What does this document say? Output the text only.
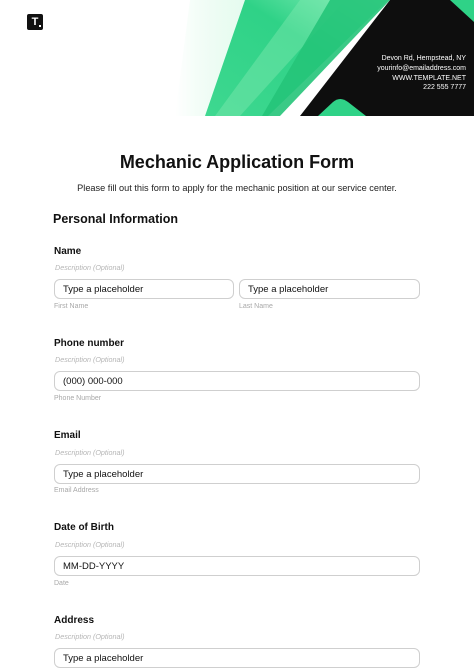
T
Devon Rd, Hempstead, NY
yourinfo@emailaddress.com
WWW.TEMPLATE.NET
222 555 7777
Mechanic Application Form
Please fill out this form to apply for the mechanic position at our service center.
Personal Information
Name
Description (Optional)
Type a placeholder
First Name
Type a placeholder
Last Name
Phone number
Description (Optional)
(000) 000-000
Phone Number
Email
Description (Optional)
Type a placeholder
Email Address
Date of Birth
Description (Optional)
MM-DD-YYYY
Date
Address
Description (Optional)
Type a placeholder
